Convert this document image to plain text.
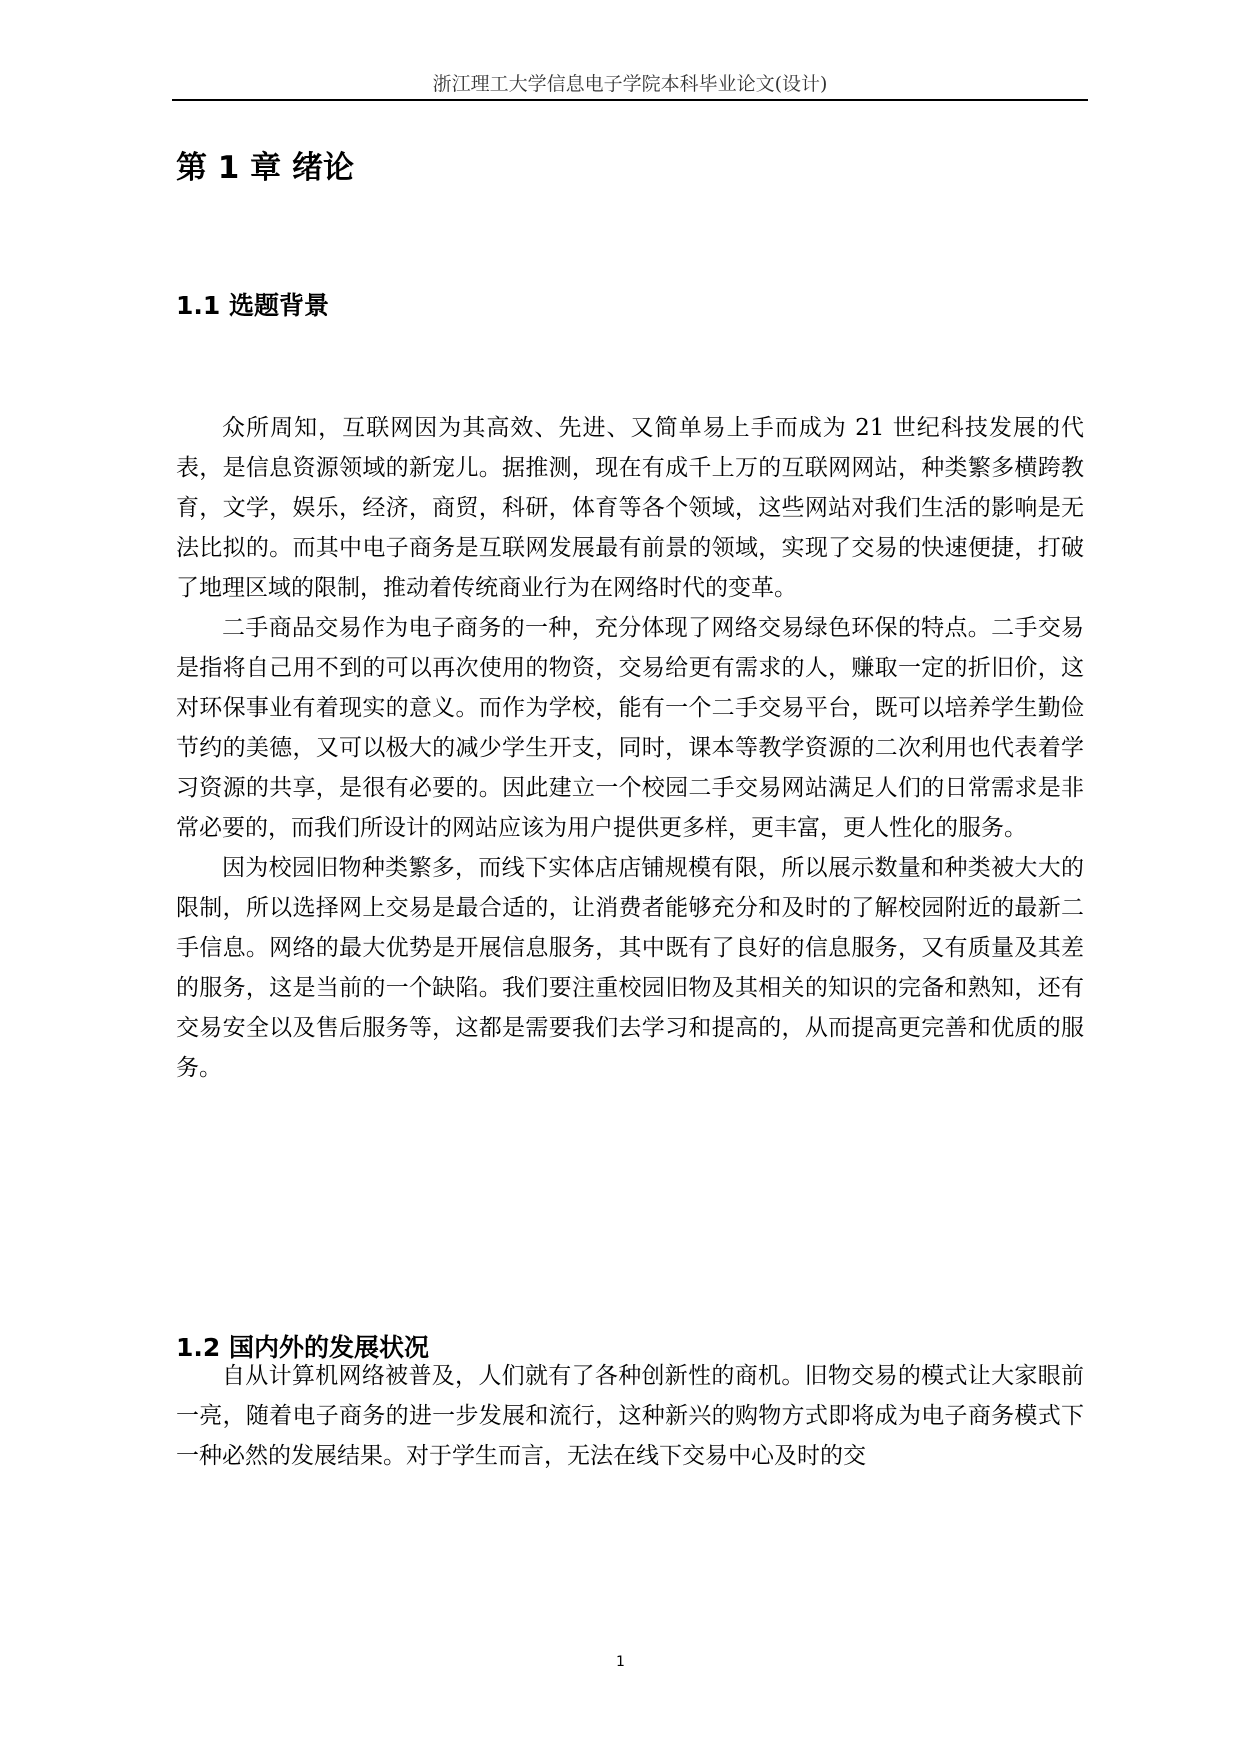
浙江理工大学信息电子学院本科毕业论文(设计)
第 1 章 绪论
1.1 选题背景

众所周知，互联网因为其高效、先进、又简单易上手而成为 21 世纪科技发展的代表，是信息资源领域的新宠儿。据推测，现在有成千上万的互联网网站，种类繁多横跨教育，文学，娱乐，经济，商贸，科研，体育等各个领域，这些网站对我们生活的影响是无法比拟的。而其中电子商务是互联网发展最有前景的领域，实现了交易的快速便捷，打破了地理区域的限制，推动着传统商业行为在网络时代的变革。

二手商品交易作为电子商务的一种，充分体现了网络交易绿色环保的特点。二手交易是指将自己用不到的可以再次使用的物资，交易给更有需求的人，赚取一定的折旧价，这对环保事业有着现实的意义。而作为学校，能有一个二手交易平台，既可以培养学生勤俭节约的美德，又可以极大的减少学生开支，同时，课本等教学资源的二次利用也代表着学习资源的共享，是很有必要的。因此建立一个校园二手交易网站满足人们的日常需求是非常必要的，而我们所设计的网站应该为用户提供更多样，更丰富，更人性化的服务。

因为校园旧物种类繁多，而线下实体店店铺规模有限，所以展示数量和种类被大大的限制，所以选择网上交易是最合适的，让消费者能够充分和及时的了解校园附近的最新二手信息。网络的最大优势是开展信息服务，其中既有了良好的信息服务，又有质量及其差的服务，这是当前的一个缺陷。我们要注重校园旧物及其相关的知识的完备和熟知，还有交易安全以及售后服务等，这都是需要我们去学习和提高的，从而提高更完善和优质的服务。

1.2 国内外的发展状况

自从计算机网络被普及，人们就有了各种创新性的商机。旧物交易的模式让大家眼前一亮，随着电子商务的进一步发展和流行，这种新兴的购物方式即将成为电子商务模式下一种必然的发展结果。对于学生而言，无法在线下交易中心及时的交

1
